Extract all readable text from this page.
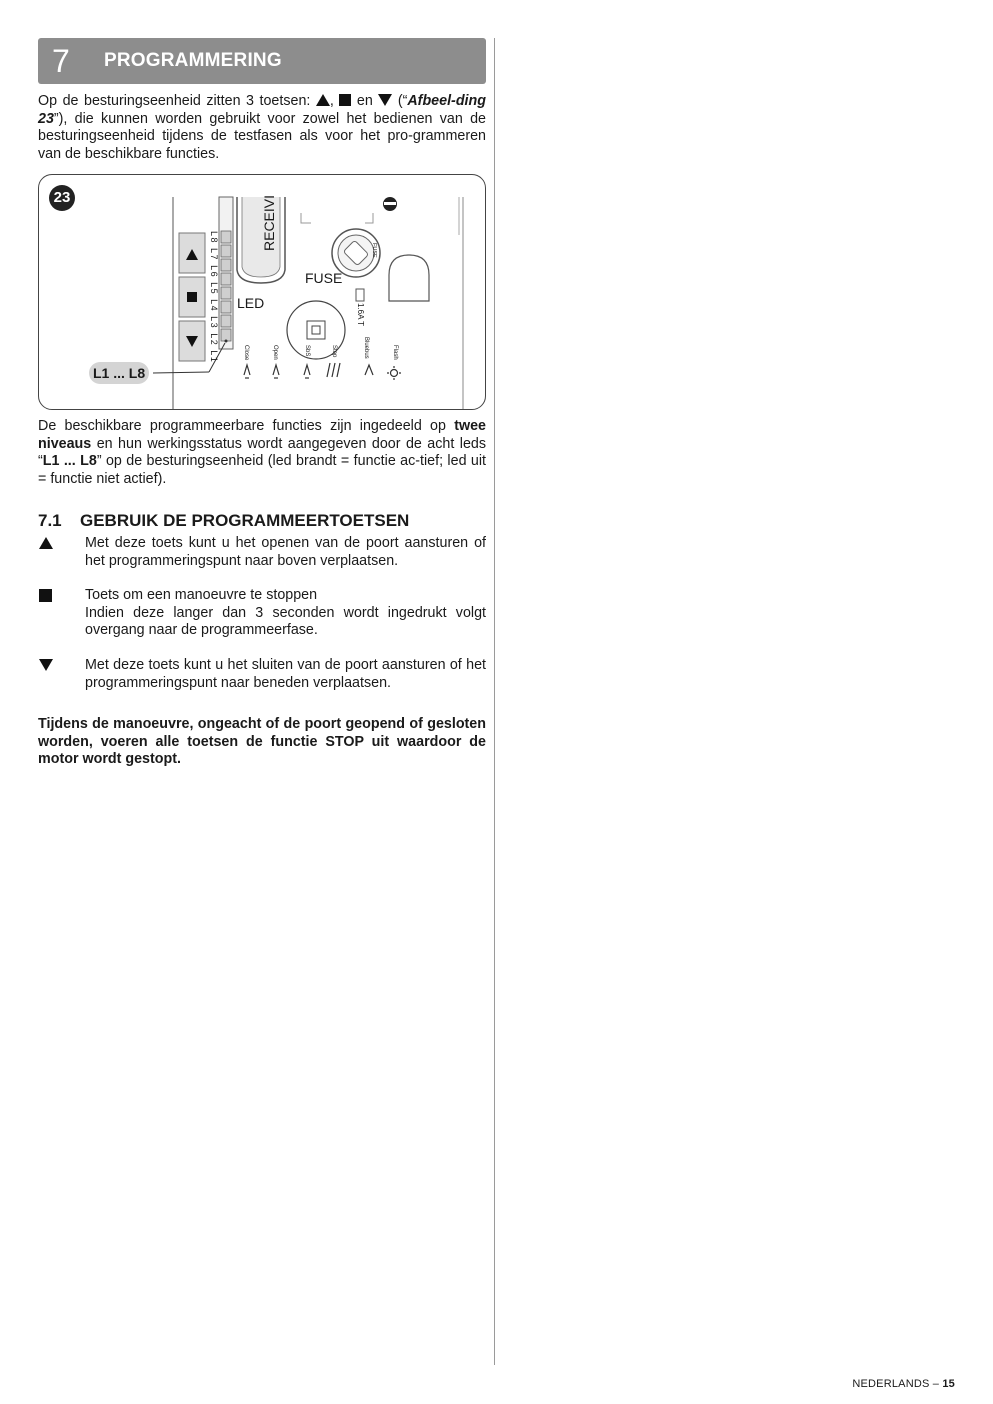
7 PROGRAMMERING

Op de besturingseenheid zitten 3 toetsen: ,  en  (“Afbeel-ding 23”), die kunnen worden gebruikt voor zowel het bedienen van de besturingseenheid tijdens de testfasen als voor het pro-grammeren van de beschikbare functies.

23
L8 L7 L6 L5 L4 L3 L2 L1
RECEIVI
FUSE
LED
FUSE
1.6A T
Close	Open	SbS	Stop	Bluebus	Flash
L1 ... L8

De beschikbare programmeerbare functies zijn ingedeeld op twee niveaus en hun werkingsstatus wordt aangegeven door de acht leds “L1 ... L8” op de besturingseenheid (led brandt = functie ac-tief; led uit = functie niet actief).

7.1 GEBRUIK DE PROGRAMMEERTOETSEN
Met deze toets kunt u het openen van de poort aansturen of het programmeringspunt naar boven verplaatsen.
Toets om een manoeuvre te stoppen
Indien deze langer dan 3 seconden wordt ingedrukt volgt overgang naar de programmeerfase.
Met deze toets kunt u het sluiten van de poort aansturen of het programmeringspunt naar beneden verplaatsen.

Tijdens de manoeuvre, ongeacht of de poort geopend of gesloten worden, voeren alle toetsen de functie STOP uit waardoor de motor wordt gestopt.

NEDERLANDS – 15
